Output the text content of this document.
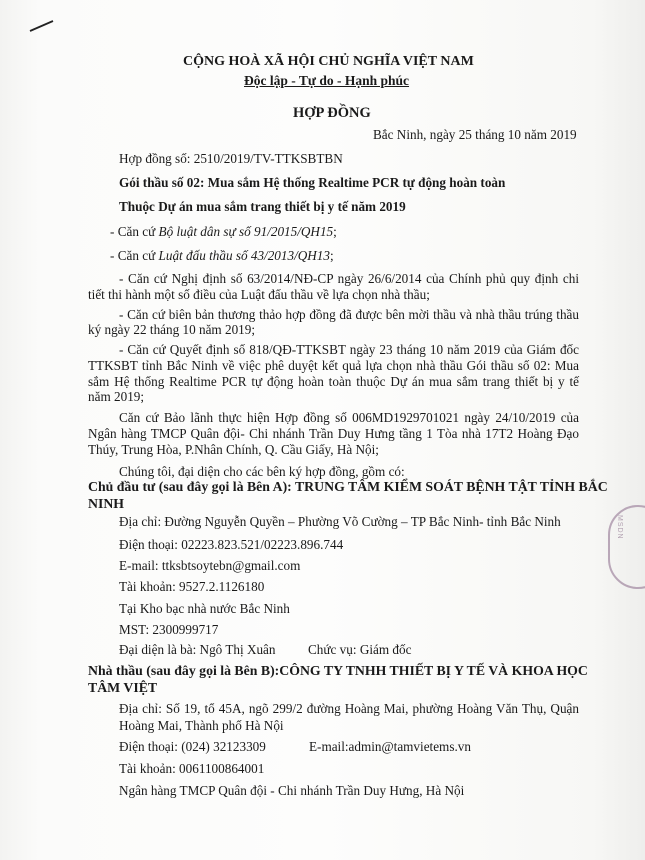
CỘNG HOÀ XÃ HỘI CHỦ NGHĨA VIỆT NAM
Độc lập - Tự do - Hạnh phúc
HỢP ĐỒNG
Bắc Ninh, ngày 25 tháng 10 năm 2019
Hợp đồng số: 2510/2019/TV-TTKSBTBN
Gói thầu số 02: Mua sắm Hệ thống Realtime PCR tự động hoàn toàn
Thuộc Dự án mua sắm trang thiết bị y tế năm 2019
- Căn cứ Bộ luật dân sự số 91/2015/QH15;
- Căn cứ Luật đấu thầu số 43/2013/QH13;
- Căn cứ Nghị định số 63/2014/NĐ-CP ngày 26/6/2014 của Chính phủ quy định chi
tiết thi hành một số điều của Luật đấu thầu về lựa chọn nhà thầu;
- Căn cứ biên bản thương thảo hợp đồng đã được bên mời thầu và nhà thầu trúng thầu
ký ngày 22 tháng 10 năm 2019;
- Căn cứ Quyết định số 818/QĐ-TTKSBT ngày 23 tháng 10 năm 2019 của Giám đốc
TTKSBT tỉnh Bắc Ninh về việc phê duyệt kết quả lựa chọn nhà thầu Gói thầu số 02: Mua
sắm Hệ thống Realtime PCR tự động hoàn toàn thuộc Dự án mua sắm trang thiết bị y tế
năm 2019;
Căn cứ Bảo lãnh thực hiện Hợp đồng số 006MD1929701021 ngày 24/10/2019 của
Ngân hàng TMCP Quân đội- Chi nhánh Trần Duy Hưng tầng 1 Tòa nhà 17T2 Hoàng Đạo
Thúy, Trung Hòa, P.Nhân Chính, Q. Cầu Giấy, Hà Nội;
Chúng tôi, đại diện cho các bên ký hợp đồng, gồm có:
Chủ đầu tư (sau đây gọi là Bên A): TRUNG TÂM KIỂM SOÁT BỆNH TẬT TỈNH BẮC
NINH
Địa chỉ: Đường Nguyễn Quyền – Phường Võ Cường – TP Bắc Ninh- tỉnh Bắc Ninh
Điện thoại: 02223.823.521/02223.896.744
E-mail: ttksbtsoytebn@gmail.com
Tài khoản: 9527.2.1126180
Tại Kho bạc nhà nước Bắc Ninh
MST: 2300999717
Đại diện là bà: Ngô Thị Xuân Chức vụ: Giám đốc
Nhà thầu (sau đây gọi là Bên B):CÔNG TY TNHH THIẾT BỊ Y TẾ VÀ KHOA HỌC
TÂM VIỆT
Địa chỉ: Số 19, tổ 45A, ngõ 299/2 đường Hoàng Mai, phường Hoàng Văn Thụ, Quận
Hoàng Mai, Thành phố Hà Nội
Điện thoại: (024) 32123309	E-mail:admin@tamvietems.vn
Tài khoản: 0061100864001
Ngân hàng TMCP Quân đội - Chi nhánh Trần Duy Hưng, Hà Nội
MSDN
